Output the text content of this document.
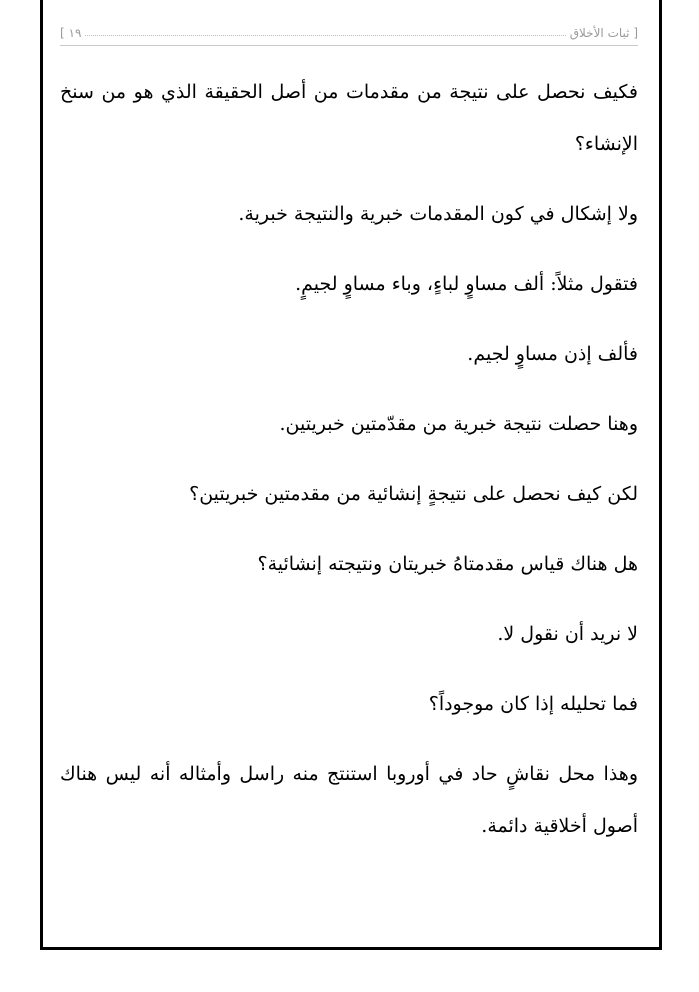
[

ثبات الأخلاق
١٩

]

فكيف نحصل على نتيجة من مقدمات من أصل الحقيقة الذي هو من سنخ الإنشاء؟

ولا إشكال في كون المقدمات خبرية والنتيجة خبرية.

فتقول مثلاً: ألف مساوٍ لباءٍ، وباء مساوٍ لجيمٍ.

فألف إذن مساوٍ لجيم.

وهنا حصلت نتيجة خبرية من مقدّمتين خبريتين.

لكن كيف نحصل على نتيجةٍ إنشائية من مقدمتين خبريتين؟

هل هناك قياس مقدمتاهُ خبريتان ونتيجته إنشائية؟

لا نريد أن نقول لا.

فما تحليله إذا كان موجوداً؟

وهذا محل نقاشٍ حاد في أوروبا استنتج منه راسل وأمثاله أنه ليس هناك أصول أخلاقية دائمة.
